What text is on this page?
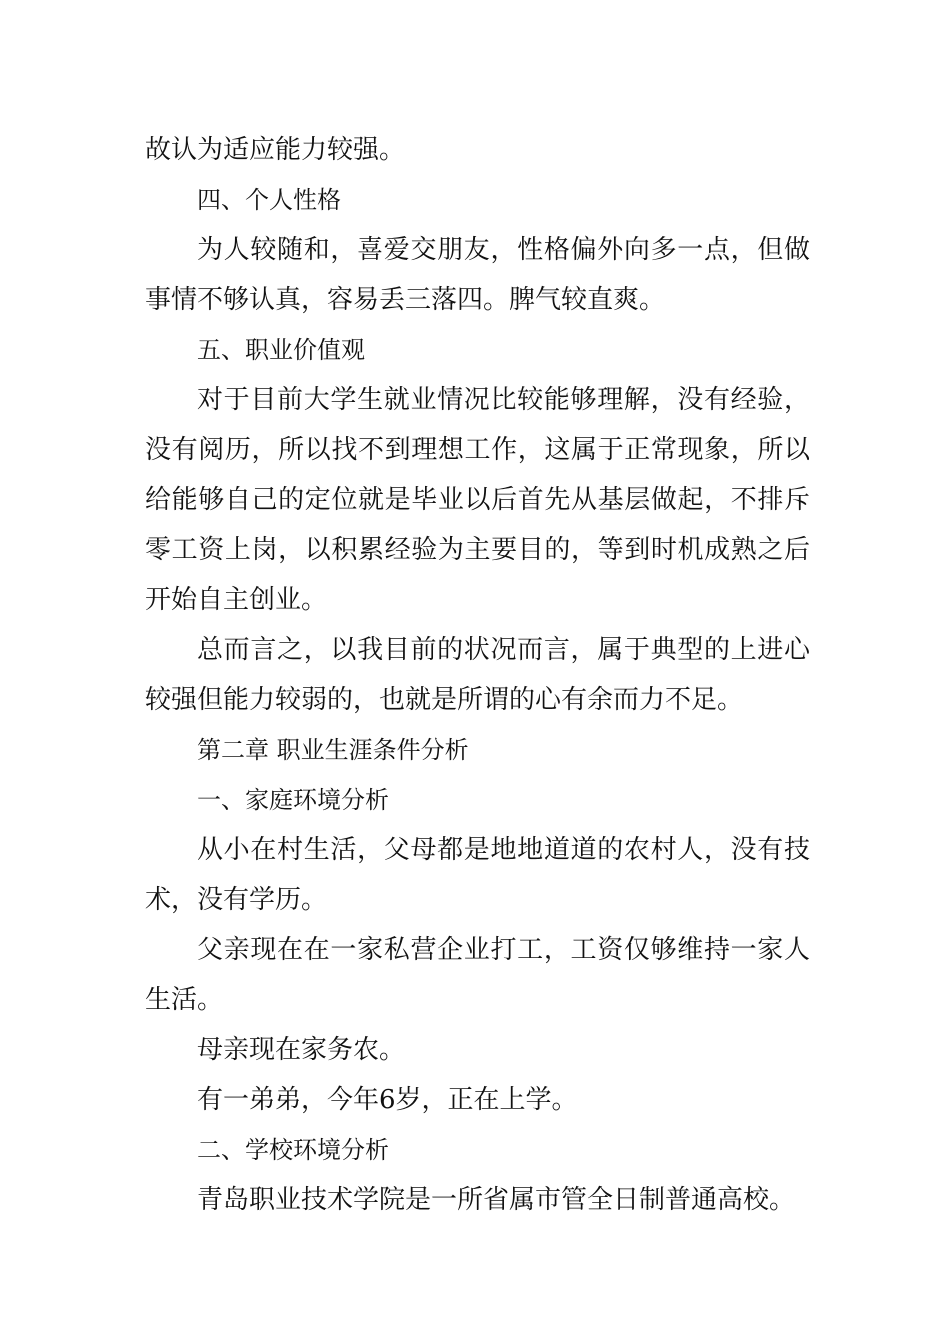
故认为适应能力较强。
四、个人性格
为人较随和，喜爱交朋友，性格偏外向多一点，但做
事情不够认真，容易丢三落四。脾气较直爽。
五、职业价值观
对于目前大学生就业情况比较能够理解，没有经验，
没有阅历，所以找不到理想工作，这属于正常现象，所以
给能够自己的定位就是毕业以后首先从基层做起，不排斥
零工资上岗，以积累经验为主要目的，等到时机成熟之后
开始自主创业。
总而言之，以我目前的状况而言，属于典型的上进心
较强但能力较弱的，也就是所谓的心有余而力不足。
第二章 职业生涯条件分析
一、家庭环境分析
从小在村生活，父母都是地地道道的农村人，没有技
术，没有学历。
父亲现在在一家私营企业打工，工资仅够维持一家人
生活。
母亲现在家务农。
有一弟弟，今年6岁，正在上学。
二、学校环境分析
青岛职业技术学院是一所省属市管全日制普通高校。
